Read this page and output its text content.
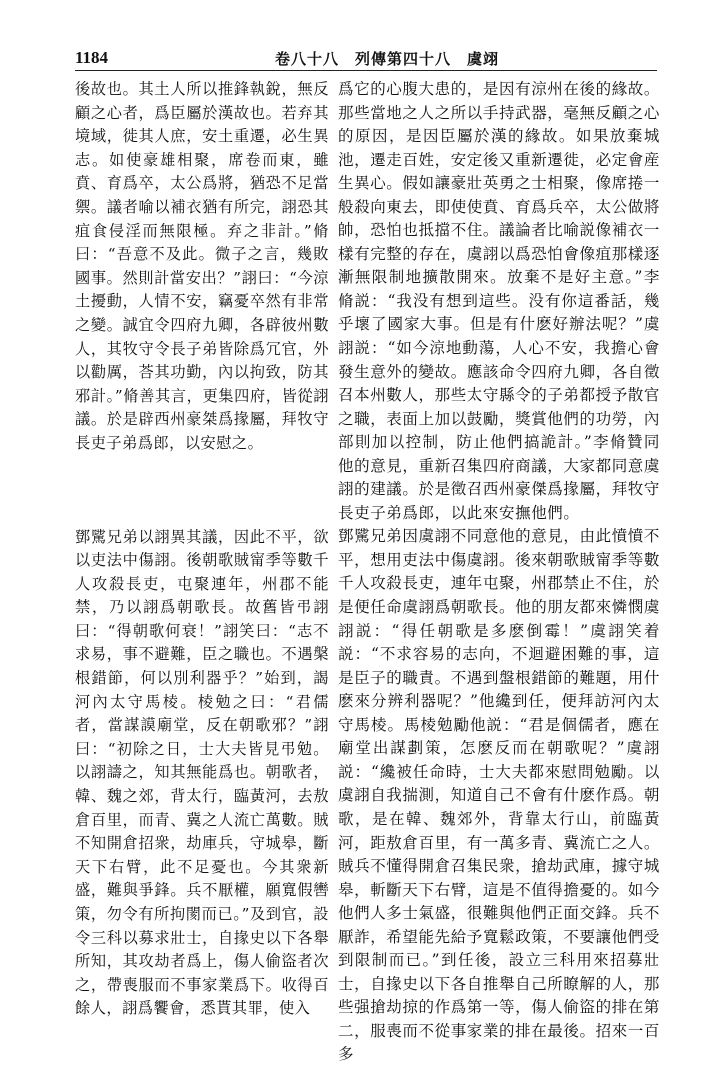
1184	卷八十八　列傳第四十八　虞翊

後故也。其土人所以推鋒執銳，無反顧之心者，爲臣屬於漢故也。若弃其境域，徙其人庶，安土重遷，必生異志。如使豪雄相聚，席卷而東，雖賁、育爲卒，太公爲將，猶恐不足當禦。議者喻以補衣猶有所完，詡恐其疽食侵淫而無限極。弃之非計。”脩曰：“吾意不及此。微子之言，幾敗國事。然則計當安出？”詡曰：“今涼土擾動，人情不安，竊憂卒然有非常之變。誠宜令四府九卿，各辟彼州數人，其牧守令長子弟皆除爲冗官，外以勸厲，荅其功勤，內以拘致，防其邪計。”脩善其言，更集四府，皆從詡議。於是辟西州豪桀爲掾屬，拜牧守長吏子弟爲郎，以安慰之。

鄧騭兄弟以詡異其議，因此不平，欲以吏法中傷詡。後朝歌賊甯季等數千人攻殺長吏，屯聚連年，州郡不能禁，乃以詡爲朝歌長。故舊皆弔詡曰：“得朝歌何衰！”詡笑曰：“志不求易，事不避難，臣之職也。不遇槃根錯節，何以別利器乎？”始到，謁河內太守馬棱。棱勉之曰：“君儒者，當謀謨廟堂，反在朝歌邪？”詡曰：“初除之日，士大夫皆見弔勉。以詡譸之，知其無能爲也。朝歌者，韓、魏之郊，背太行，臨黃河，去敖倉百里，而青、冀之人流亡萬數。賊不知開倉招衆，劫庫兵，守城皋，斷天下右臂，此不足憂也。今其衆新盛，難與爭鋒。兵不厭權，願寬假轡策，勿令有所拘閡而已。”及到官，設令三科以募求壯士，自掾史以下各舉所知，其攻劫者爲上，傷人偷盜者次之，帶喪服而不事家業爲下。收得百餘人，詡爲饗會，悉貰其罪，使入

爲它的心腹大患的，是因有涼州在後的緣故。那些當地之人之所以手持武器，毫無反顧之心的原因，是因臣屬於漢的緣故。如果放棄城池，遷走百姓，安定後又重新遷徙，必定會産生異心。假如讓豪壯英勇之士相聚，像席捲一般殺向東去，即使使賁、育爲兵卒，太公做將帥，恐怕也抵擋不住。議論者比喻説像補衣一樣有完整的存在，虞詡以爲恐怕會像疽那樣逐漸無限制地擴散開來。放棄不是好主意。”李脩説：“我没有想到這些。没有你這番話，幾乎壞了國家大事。但是有什麽好辦法呢？”虞詡説：“如今涼地動蕩，人心不安，我擔心會發生意外的變故。應該命令四府九卿，各自徵召本州數人，那些太守縣令的子弟都授予散官之職，表面上加以鼓勵，獎賞他們的功勞，內部則加以控制，防止他們搞詭計。”李脩贊同他的意見，重新召集四府商議，大家都同意虞詡的建議。於是徵召西州豪傑爲掾屬，拜牧守長吏子弟爲郎，以此來安撫他們。

鄧騭兄弟因虞詡不同意他的意見，由此憤憤不平，想用吏法中傷虞詡。後來朝歌賊甯季等數千人攻殺長吏，連年屯聚，州郡禁止不住，於是便任命虞詡爲朝歌長。他的朋友都來憐憫虞詡説：“得任朝歌是多麽倒霉！”虞詡笑着説：“不求容易的志向，不迴避困難的事，這是臣子的職責。不遇到盤根錯節的難題，用什麽來分辨利器呢？”他纔到任，便拜訪河內太守馬棱。馬棱勉勵他説：“君是個儒者，應在廟堂出謀劃策，怎麽反而在朝歌呢？”虞詡説：“纔被任命時，士大夫都來慰問勉勵。以虞詡自我揣測，知道自己不會有什麽作爲。朝歌，是在韓、魏郊外，背靠太行山，前臨黃河，距敖倉百里，有一萬多青、冀流亡之人。賊兵不懂得開倉召集民衆，搶劫武庫，據守城皋，斬斷天下右臂，這是不值得擔憂的。如今他們人多士氣盛，很難與他們正面交鋒。兵不厭詐，希望能先給予寬鬆政策，不要讓他們受到限制而已。”到任後，設立三科用來招募壯士，自掾史以下各自推舉自己所瞭解的人，那些强搶劫掠的作爲第一等，傷人偷盜的排在第二，服喪而不從事家業的排在最後。招來一百多
